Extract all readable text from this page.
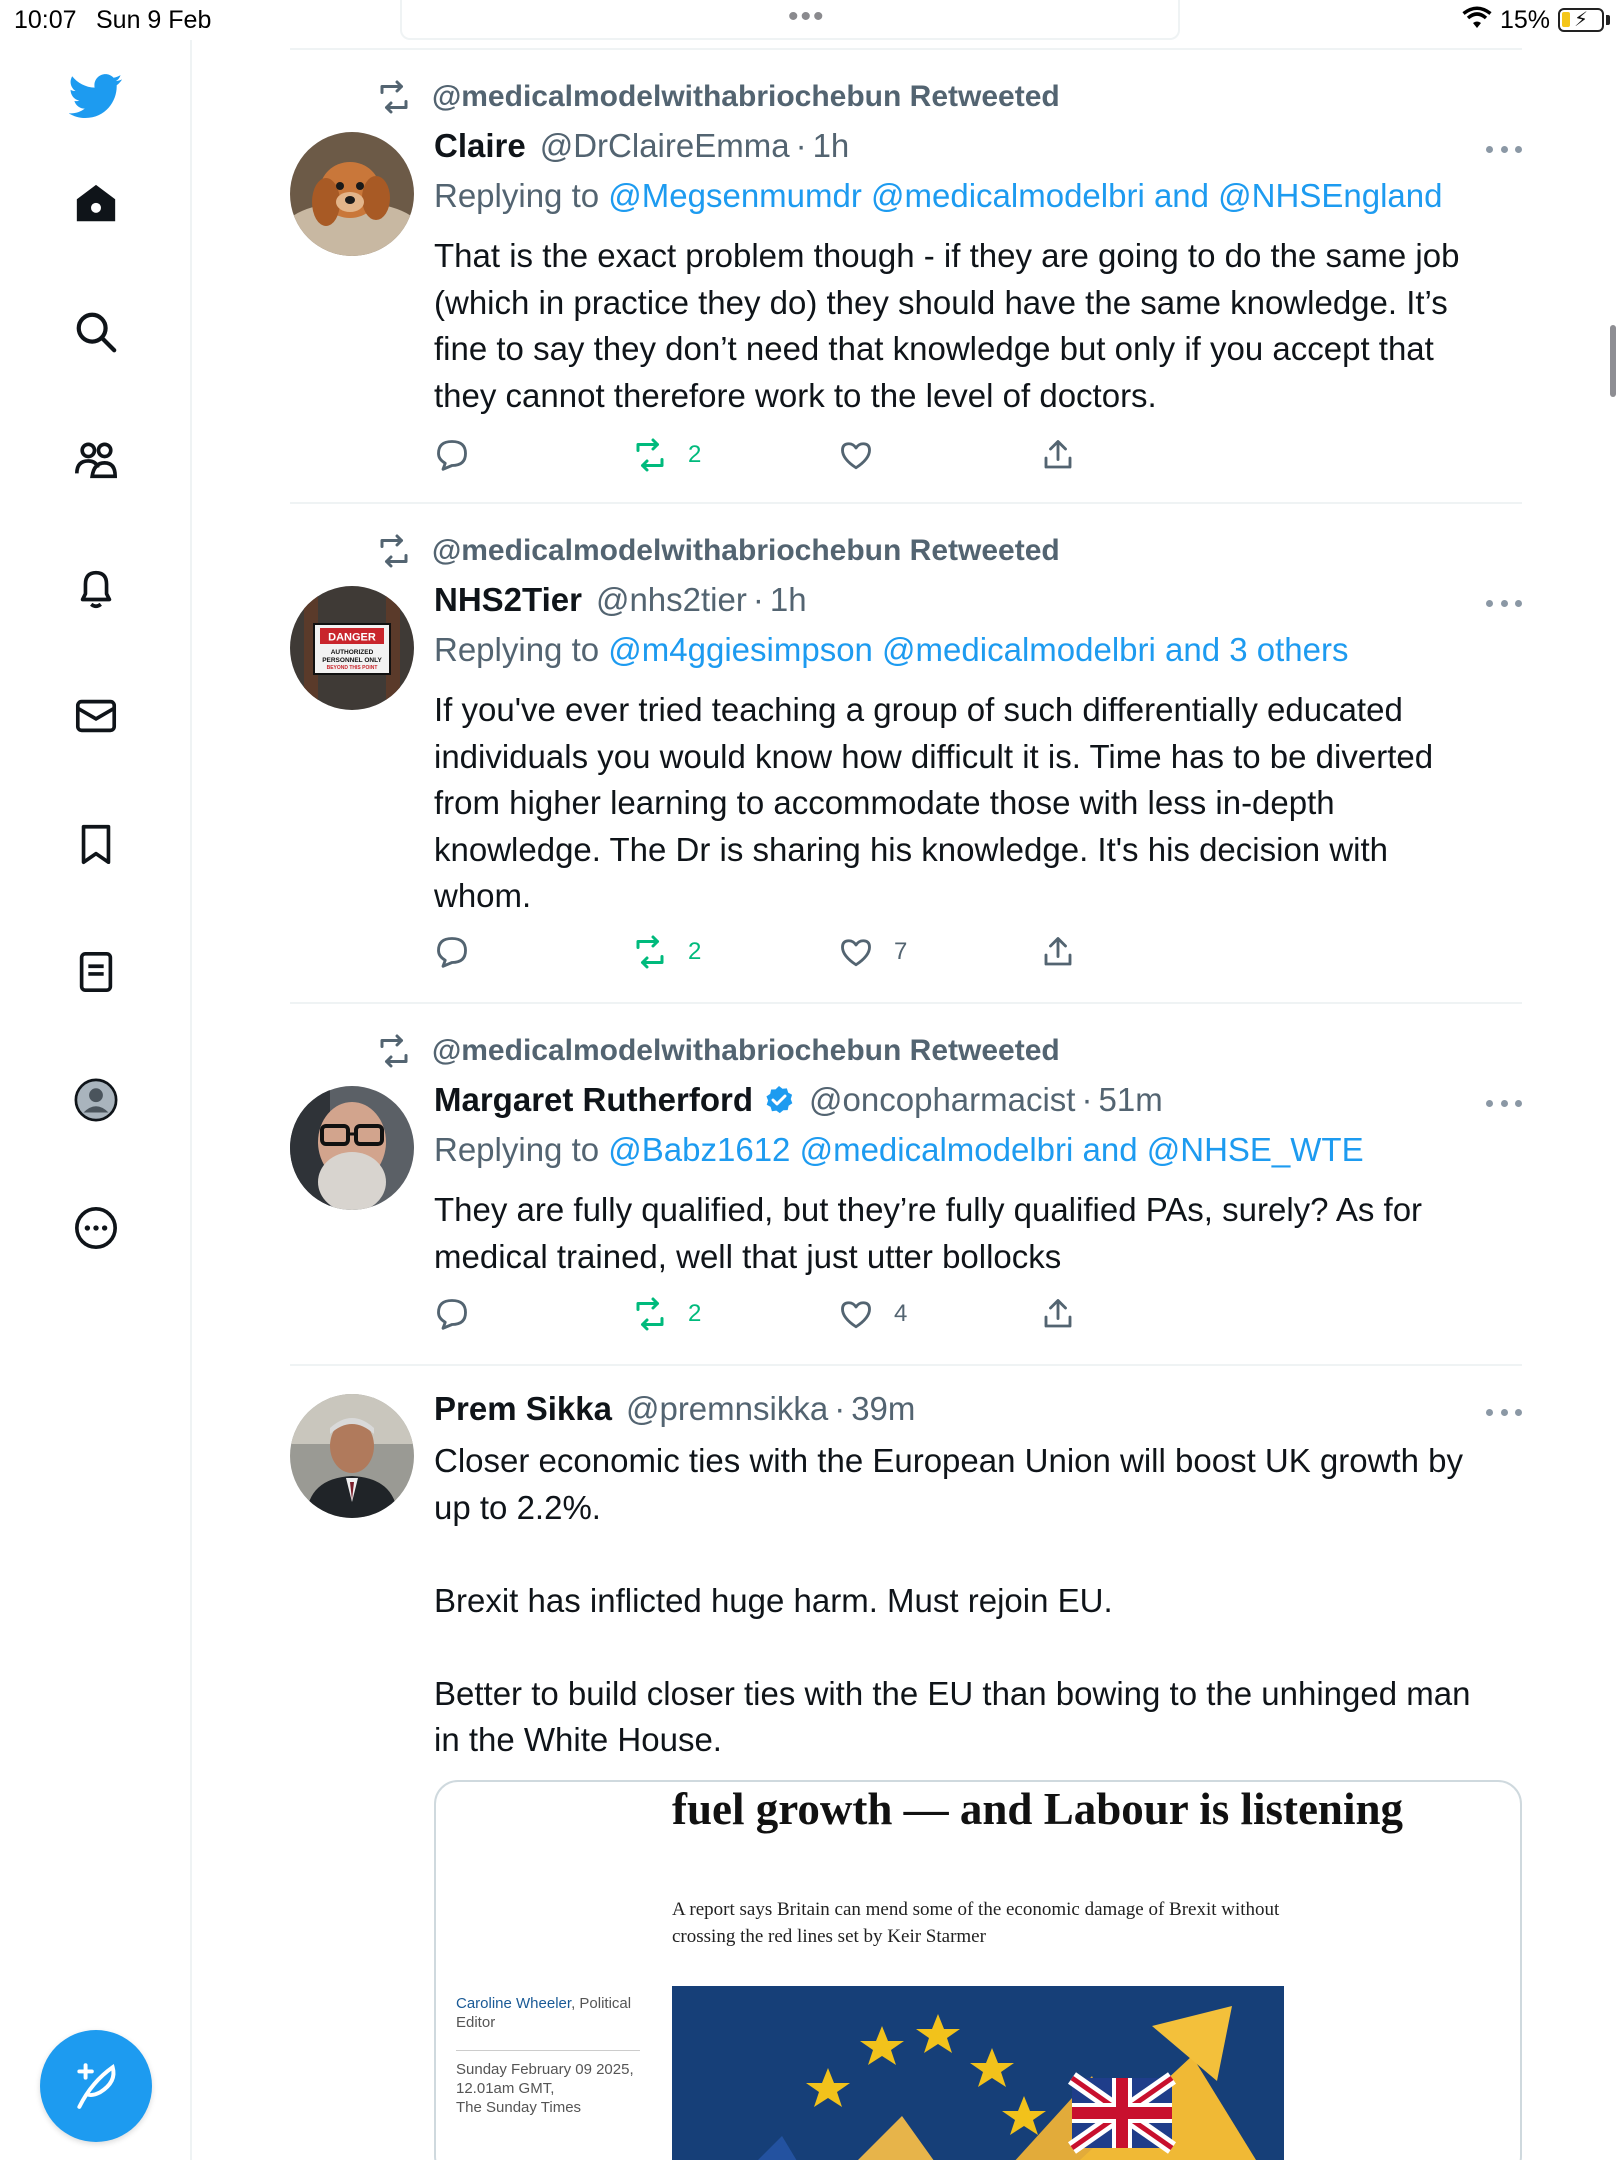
10:07 Sun 9 Feb	•••	15% ⚡
@medicalmodelwithabriochebun Retweeted
Claire @DrClaireEmma · 1h
Replying to @Megsenmumdr @medicalmodelbri and @NHSEngland
That is the exact problem though - if they are going to do the same job
(which in practice they do) they should have the same knowledge. It’s
fine to say they don’t need that knowledge but only if you accept that
they cannot therefore work to the level of doctors.
2
@medicalmodelwithabriochebun Retweeted
DANGER
AUTHORIZED
PERSONNEL ONLY
BEYOND THIS POINT
NHS2Tier @nhs2tier · 1h
Replying to @m4ggiesimpson @medicalmodelbri and 3 others
If you've ever tried teaching a group of such differentially educated
individuals you would know how difficult it is. Time has to be diverted
from higher learning to accommodate those with less in-depth
knowledge. The Dr is sharing his knowledge. It's his decision with
whom.
2	7
@medicalmodelwithabriochebun Retweeted
Margaret Rutherford @oncopharmacist · 51m
Replying to @Babz1612 @medicalmodelbri and @NHSE_WTE
They are fully qualified, but they’re fully qualified PAs, surely? As for
medical trained, well that just utter bollocks
2	4
Prem Sikka @premnsikka · 39m
Closer economic ties with the European Union will boost UK growth by
up to 2.2%.

Brexit has inflicted huge harm. Must rejoin EU.

Better to build closer ties with the EU than bowing to the unhinged man
in the White House.
fuel growth — and Labour is listening
A report says Britain can mend some of the economic damage of Brexit without crossing the red lines set by Keir Starmer
Caroline Wheeler, Political Editor
Sunday February 09 2025,
12.01am GMT,
The Sunday Times
